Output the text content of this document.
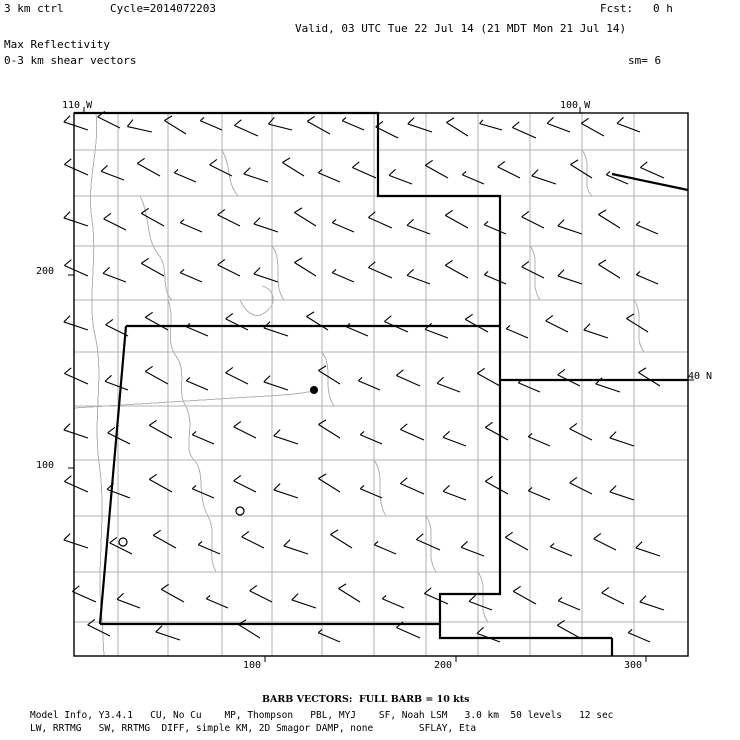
3 km ctrl	Cycle=2014072203	Fcst:   0 h
Valid, 03 UTC Tue 22 Jul 14 (21 MDT Mon 21 Jul 14)
Max Reflectivity
0-3 km shear vectors	sm= 6
110 W	100 W
40 N
200
100
100	200	300
BARB VECTORS:  FULL BARB = 10 kts
Model Info, Y3.4.1   CU, No Cu    MP, Thompson   PBL, MYJ    SF, Noah LSM   3.0 km  50 levels   12 sec
LW, RRTMG   SW, RRTMG  DIFF, simple KM, 2D Smagor DAMP, none        SFLAY, Eta
